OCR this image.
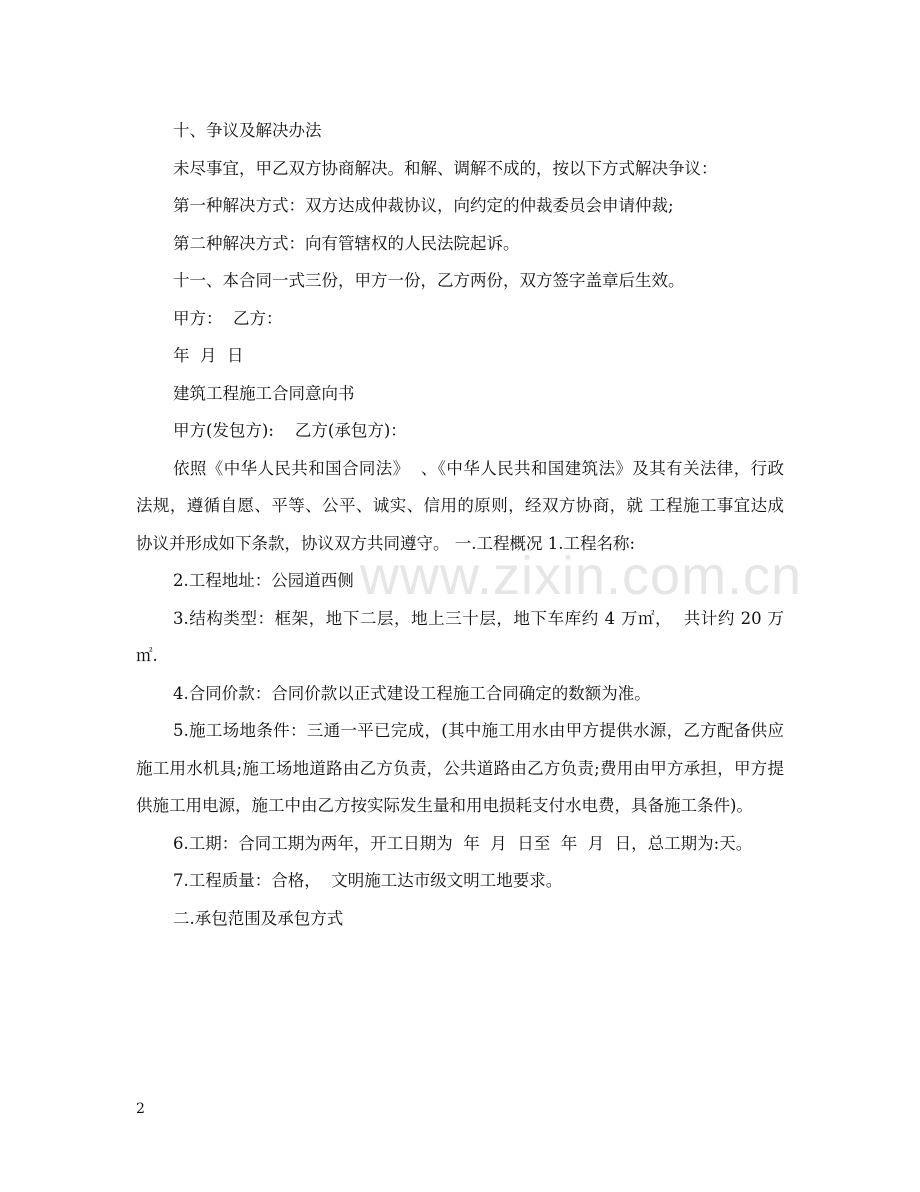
www.zixin.com.cn

十、争议及解决办法

未尽事宜，甲乙双方协商解决。和解、调解不成的，按以下方式解决争议：

第一种解决方式：双方达成仲裁协议，向约定的仲裁委员会申请仲裁;

第二种解决方式：向有管辖权的人民法院起诉。

十一、本合同一式三份，甲方一份，乙方两份，双方签字盖章后生效。

甲方：  乙方：

年  月  日

建筑工程施工合同意向书

甲方(发包方):    乙方(承包方)：

依照《中华人民共和国合同法》  、《中华人民共和国建筑法》及其有关法律，行政法规，遵循自愿、平等、公平、诚实、信用的原则，经双方协商，就 工程施工事宜达成协议并形成如下条款，协议双方共同遵守。 一.工程概况 1.工程名称:

2.工程地址：公园道西侧

3.结构类型：框架，地下二层，地上三十层，地下车库约 4 万㎡，  共计约 20 万㎡.

4.合同价款：合同价款以正式建设工程施工合同确定的数额为准。

5.施工场地条件：三通一平已完成，(其中施工用水由甲方提供水源，乙方配备供应施工用水机具;施工场地道路由乙方负责，公共道路由乙方负责;费用由甲方承担，甲方提供施工用电源，施工中由乙方按实际发生量和用电损耗支付水电费，具备施工条件)。

6.工期：合同工期为两年，开工日期为  年  月  日至  年  月  日，总工期为:天。

7.工程质量：合格，  文明施工达市级文明工地要求。

二.承包范围及承包方式

2
